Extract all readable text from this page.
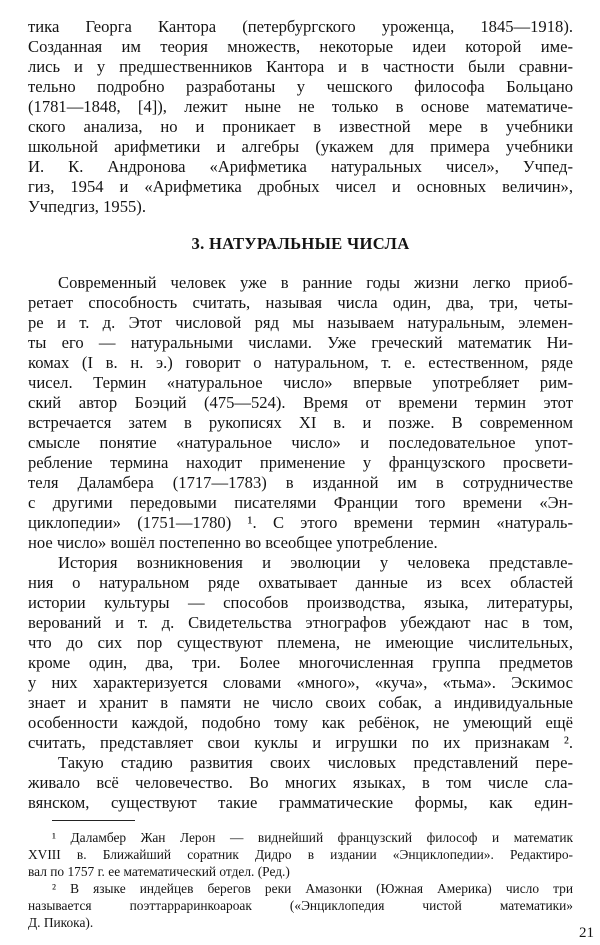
тика Георга Кантора (петербургского уроженца, 1845—1918).
Созданная им теория множеств, некоторые идеи которой име-
лись и у предшественников Кантора и в частности были сравни-
тельно подробно разработаны у чешского философа Больцано
(1781—1848, [4]), лежит ныне не только в основе математиче-
ского анализа, но и проникает в известной мере в учебники
школьной арифметики и алгебры (укажем для примера учебники
И. К. Андронова «Арифметика натуральных чисел», Учпед-
гиз, 1954 и «Арифметика дробных чисел и основных величин»,
Учпедгиз, 1955).
3. НАТУРАЛЬНЫЕ ЧИСЛА
Современный человек уже в ранние годы жизни легко приоб-
ретает способность считать, называя числа один, два, три, четы-
ре и т. д. Этот числовой ряд мы называем натуральным, элемен-
ты его — натуральными числами. Уже греческий математик Ни-
комах (I в. н. э.) говорит о натуральном, т. е. естественном, ряде
чисел. Термин «натуральное число» впервые употребляет рим-
ский автор Боэций (475—524). Время от времени термин этот
встречается затем в рукописях XI в. и позже. В современном
смысле понятие «натуральное число» и последовательное упот-
ребление термина находит применение у французского просвети-
теля Даламбера (1717—1783) в изданной им в сотрудничестве
с другими передовыми писателями Франции того времени «Эн-
циклопедии» (1751—1780) ¹. С этого времени термин «натураль-
ное число» вошёл постепенно во всеобщее употребление.
История возникновения и эволюции у человека представле-
ния о натуральном ряде охватывает данные из всех областей
истории культуры — способов производства, языка, литературы,
верований и т. д. Свидетельства этнографов убеждают нас в том,
что до сих пор существуют племена, не имеющие числительных,
кроме один, два, три. Более многочисленная группа предметов
у них характеризуется словами «много», «куча», «тьма». Эскимос
знает и хранит в памяти не число своих собак, а индивидуальные
особенности каждой, подобно тому как ребёнок, не умеющий ещё
считать, представляет свои куклы и игрушки по их признакам ².
Такую стадию развития своих числовых представлений пере-
живало всё человечество. Во многих языках, в том числе сла-
вянском, существуют такие грамматические формы, как един-
¹ Даламбер Жан Лерон — виднейший французский философ и математик
XVIII в. Ближайший соратник Дидро в издании «Энциклопедии». Редактиро-
вал по 1757 г. ее математический отдел. (Ред.)
² В языке индейцев берегов реки Амазонки (Южная Америка) число три
называется поэттарраринкоароак («Энциклопедия чистой математики»
Д. Пикока).
21
